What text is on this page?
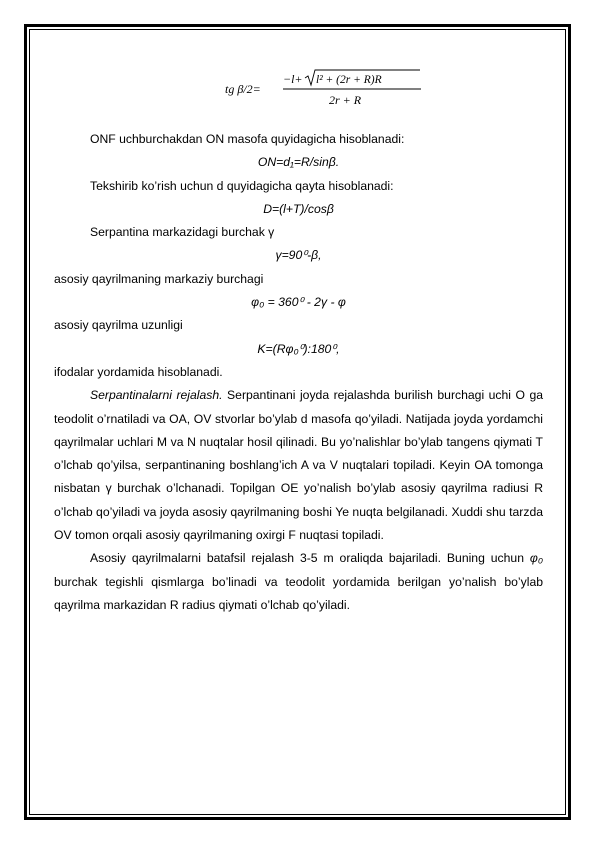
tg β/2=
−l+ l² + (2r + R)R
2r + R

ONF uchburchakdan ON masofa quyidagicha hisoblanadi:

ON=d₁=R/sinβ.

Tekshirib ko’rish uchun d quyidagicha qayta hisoblanadi:

D=(l+T)/cosβ

Serpantina markazidagi burchak γ

γ=90⁰-β,

asosiy qayrilmaning markaziy burchagi

φ₀ = 360⁰ - 2γ - φ

asosiy qayrilma uzunligi

K=(Rφ₀⁰):180⁰,

ifodalar yordamida hisoblanadi.

Serpantinalarni rejalash. Serpantinani joyda rejalashda burilish burchagi uchi O ga teodolit o’rnatiladi va OA, OV stvorlar bo’ylab d masofa qo’yiladi. Natijada joyda yordamchi qayrilmalar uchlari M va N nuqtalar hosil qilinadi. Bu yo’nalishlar bo’ylab tangens qiymati T o’lchab qo’yilsa, serpantinaning boshlang’ich A va V nuqtalari topiladi. Keyin OA tomonga nisbatan γ burchak o’lchanadi. Topilgan OE yo’nalish bo’ylab asosiy qayrilma radiusi R o’lchab qo’yiladi va joyda asosiy qayrilmaning boshi Ye nuqta belgilanadi. Xuddi shu tarzda OV tomon orqali asosiy qayrilmaning oxirgi F nuqtasi topiladi.

Asosiy qayrilmalarni batafsil rejalash 3-5 m oraliqda bajariladi. Buning uchun φ₀ burchak tegishli qismlarga bo’linadi va teodolit yordamida berilgan yo’nalish bo’ylab qayrilma markazidan R radius qiymati o’lchab qo’yiladi.
